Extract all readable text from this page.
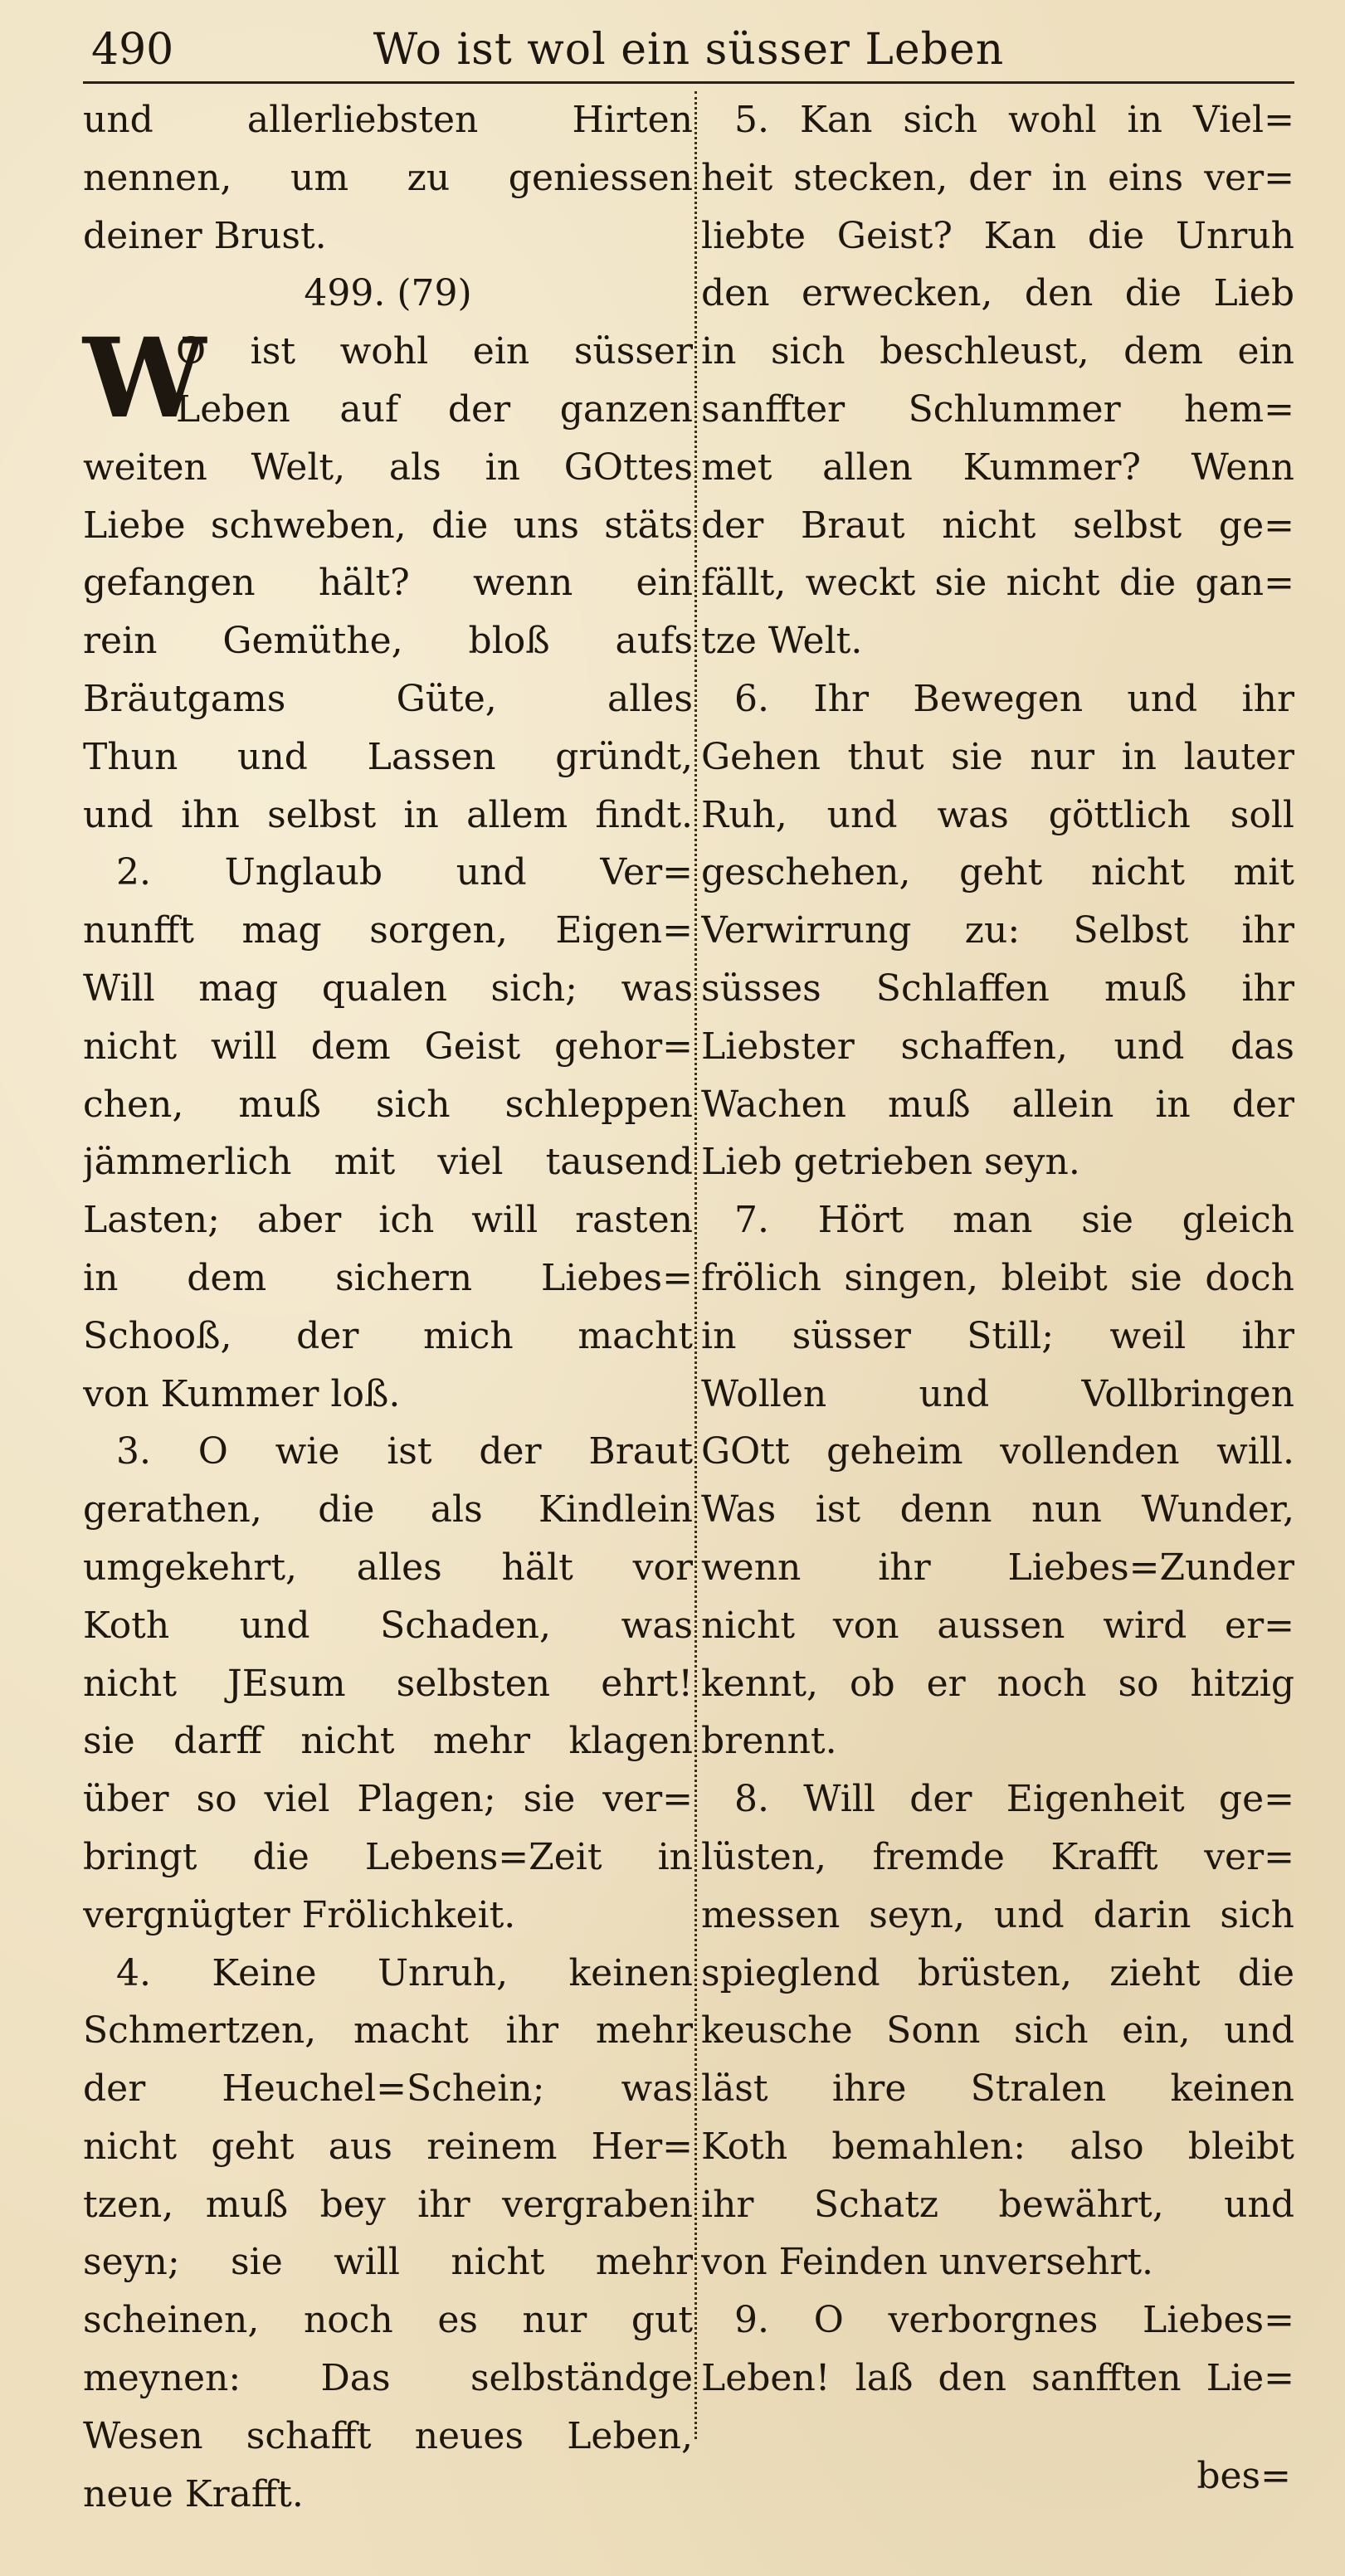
490	Wo ist wol ein süsser Leben
und allerliebsten Hirten
nennen, um zu geniessen
deiner Brust.
499. (79)
W
O ist wohl ein süsser
Leben auf der ganzen
weiten Welt, als in GOttes
Liebe schweben, die uns stäts
gefangen hält? wenn ein
rein Gemüthe, bloß aufs
Bräutgams Güte, alles
Thun und Lassen gründt,
und ihn selbst in allem findt.
2. Unglaub und Ver=
nunfft mag sorgen, Eigen=
Will mag qualen sich; was
nicht will dem Geist gehor=
chen, muß sich schleppen
jämmerlich mit viel tausend
Lasten; aber ich will rasten
in dem sichern Liebes=
Schooß, der mich macht
von Kummer loß.
3. O wie ist der Braut
gerathen, die als Kindlein
umgekehrt, alles hält vor
Koth und Schaden, was
nicht JEsum selbsten ehrt!
sie darff nicht mehr klagen
über so viel Plagen; sie ver=
bringt die Lebens=Zeit in
vergnügter Frölichkeit.
4. Keine Unruh, keinen
Schmertzen, macht ihr mehr
der Heuchel=Schein; was
nicht geht aus reinem Her=
tzen, muß bey ihr vergraben
seyn; sie will nicht mehr
scheinen, noch es nur gut
meynen: Das selbständge
Wesen schafft neues Leben,
neue Krafft.
5. Kan sich wohl in Viel=
heit stecken, der in eins ver=
liebte Geist? Kan die Unruh
den erwecken, den die Lieb
in sich beschleust, dem ein
sanffter Schlummer hem=
met allen Kummer? Wenn
der Braut nicht selbst ge=
fällt, weckt sie nicht die gan=
tze Welt.
6. Ihr Bewegen und ihr
Gehen thut sie nur in lauter
Ruh, und was göttlich soll
geschehen, geht nicht mit
Verwirrung zu: Selbst ihr
süsses Schlaffen muß ihr
Liebster schaffen, und das
Wachen muß allein in der
Lieb getrieben seyn.
7. Hört man sie gleich
frölich singen, bleibt sie doch
in süsser Still; weil ihr
Wollen und Vollbringen
GOtt geheim vollenden will.
Was ist denn nun Wunder,
wenn ihr Liebes=Zunder
nicht von aussen wird er=
kennt, ob er noch so hitzig
brennt.
8. Will der Eigenheit ge=
lüsten, fremde Krafft ver=
messen seyn, und darin sich
spieglend brüsten, zieht die
keusche Sonn sich ein, und
läst ihre Stralen keinen
Koth bemahlen: also bleibt
ihr Schatz bewährt, und
von Feinden unversehrt.
9. O verborgnes Liebes=
Leben! laß den sanfften Lie=
bes=
